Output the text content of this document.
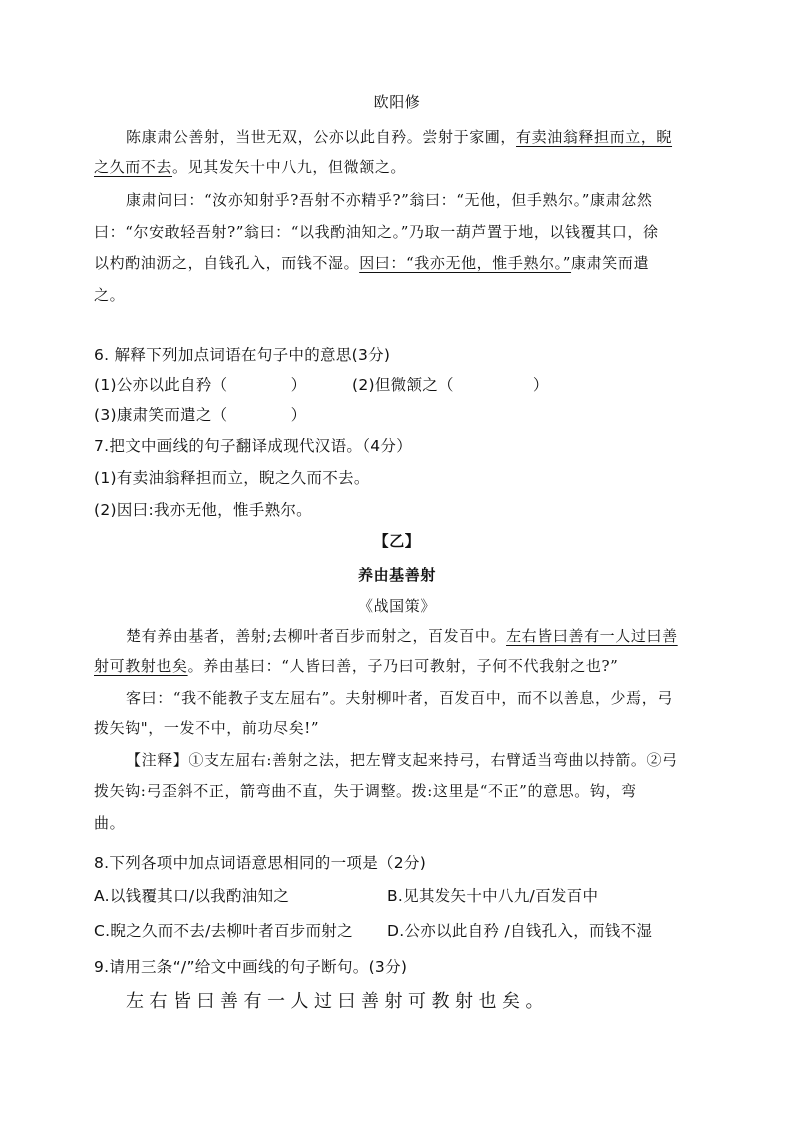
欧阳修
陈康肃公善射，当世无双，公亦以此自矜。尝射于家圃，有卖油翁释担而立，睨
之久而不去。见其发矢十中八九，但微颔之。
康肃问曰：“汝亦知射乎?吾射不亦精乎?”翁曰：“无他，但手熟尔。”康肃忿然
曰：“尔安敢轻吾射?”翁曰：“以我酌油知之。”乃取一葫芦置于地，以钱覆其口，徐
以杓酌油沥之，自钱孔入，而钱不湿。因曰：“我亦无他，惟手熟尔。”康肃笑而遣
之。
6. 解释下列加点词语在句子中的意思(3分)
(1)公亦以此自矜（　　　　）	(2)但微颔之（　　　　　）
(3)康肃笑而遣之（　　　　）
7.把文中画线的句子翻译成现代汉语。（4分）
(1)有卖油翁释担而立，睨之久而不去。
(2)因曰:我亦无他，惟手熟尔。
【乙】
养由基善射
《战国策》
楚有养由基者，善射;去柳叶者百步而射之，百发百中。左右皆曰善有一人过曰善
射可教射也矣。养由基曰：“人皆曰善，子乃曰可教射，子何不代我射之也?”
客曰：“我不能教子支左屈右”。夫射柳叶者，百发百中，而不以善息，少焉，弓
拨矢钩"，一发不中，前功尽矣!”
【注释】①支左屈右:善射之法，把左臂支起来持弓，右臂适当弯曲以持箭。②弓
拨矢钩:弓歪斜不正，箭弯曲不直，失于调整。拨:这里是“不正”的意思。钩，弯
曲。
8.下列各项中加点词语意思相同的一项是（2分)
A.以钱覆其口/以我酌油知之	B.见其发矢十中八九/百发百中
C.睨之久而不去/去柳叶者百步而射之 D.公亦以此自矜 /自钱孔入，而钱不湿
9.请用三条“/”给文中画线的句子断句。(3分)
左右皆曰善有一人过曰善射可教射也矣。
